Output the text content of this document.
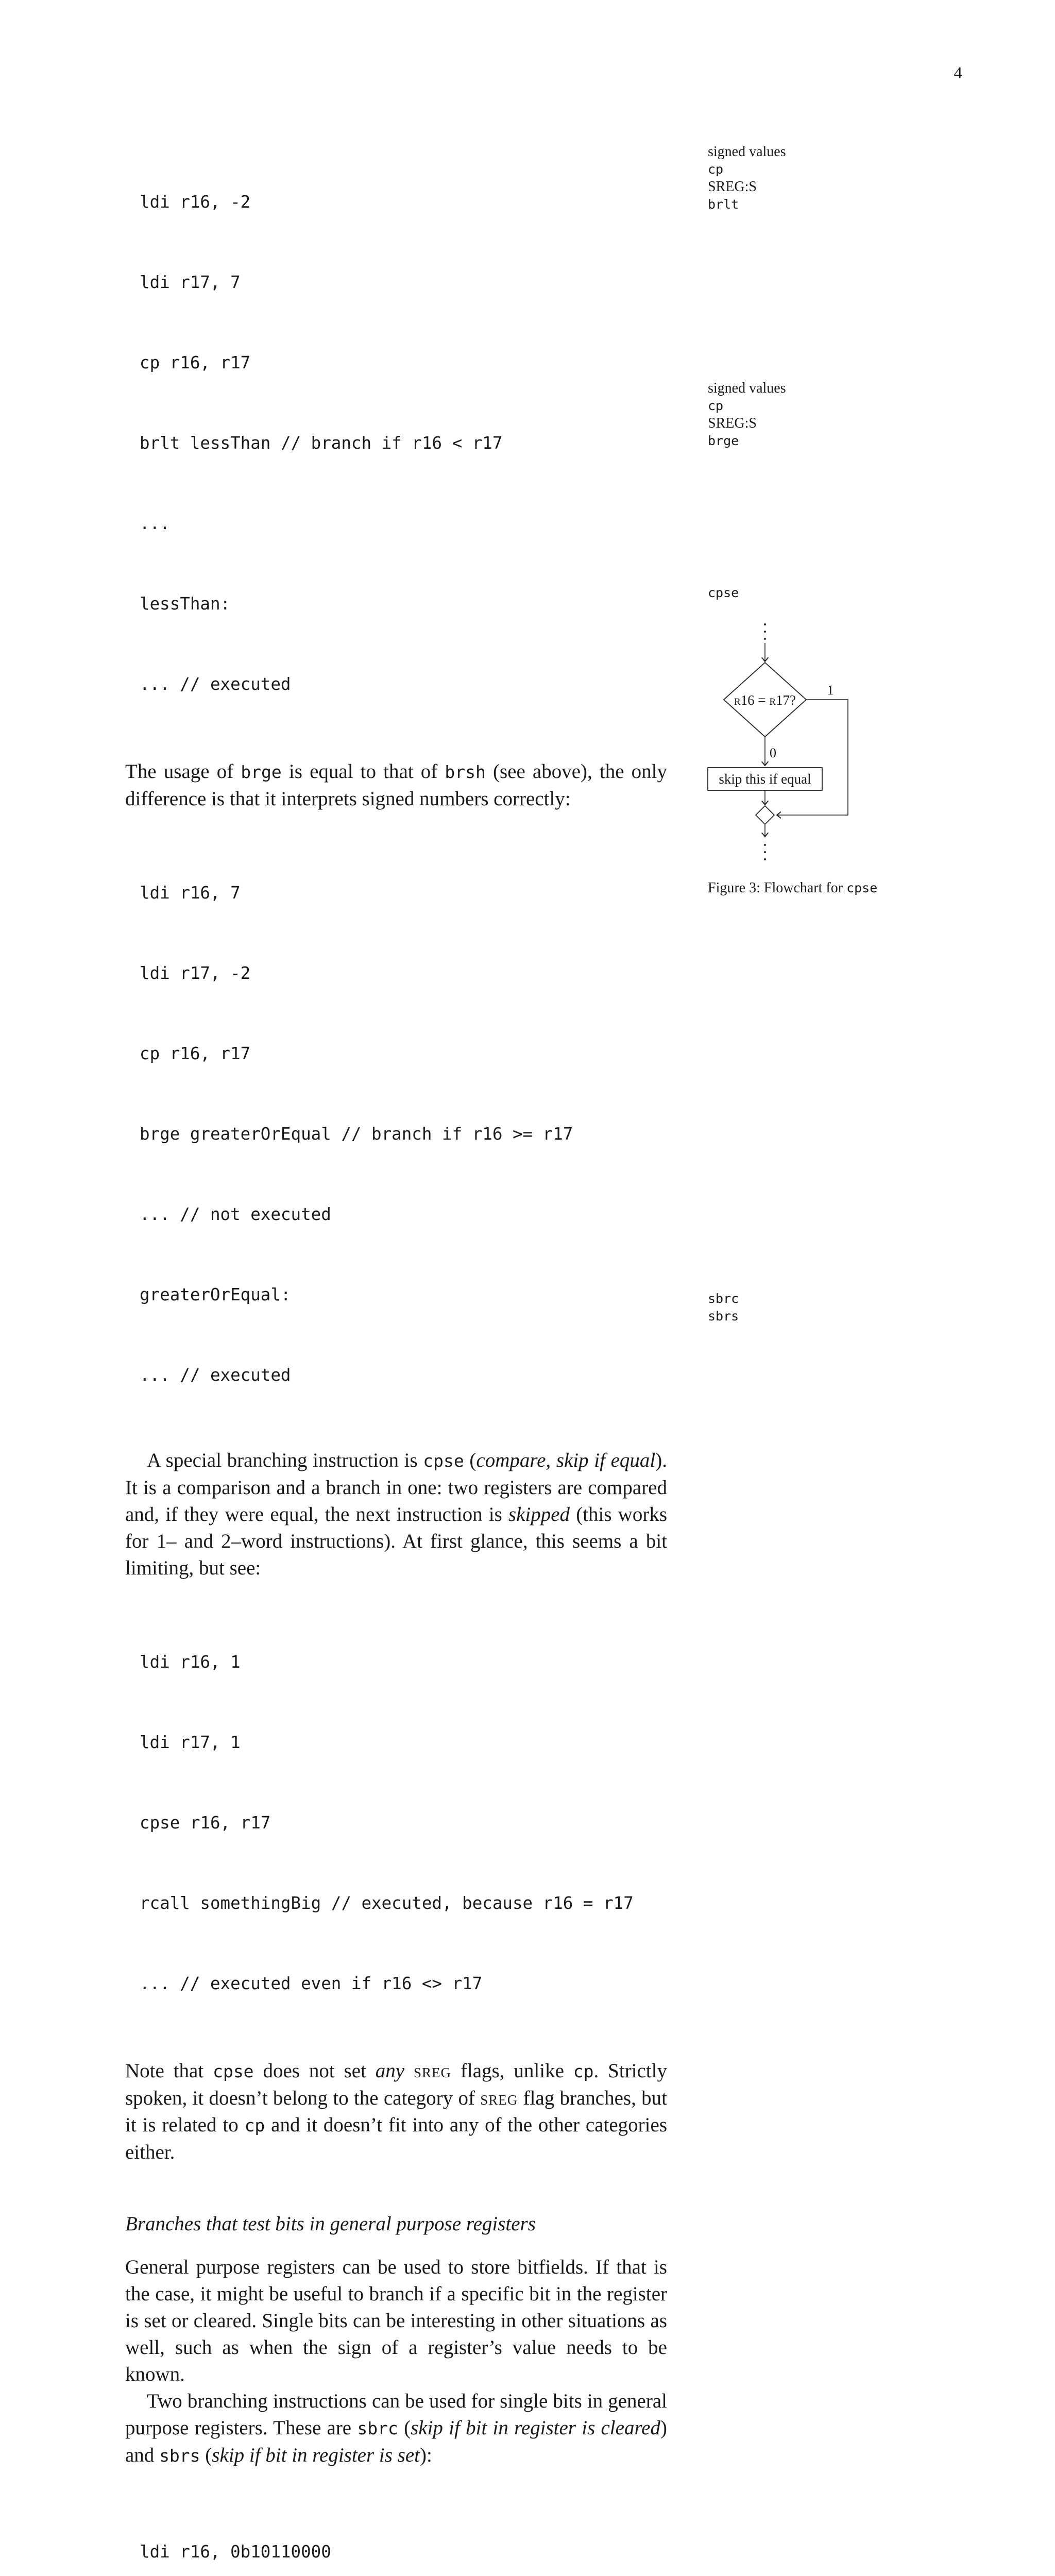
4

ldi r16, -2

ldi r17, 7

cp r16, r17

brlt lessThan // branch if r16 < r17

...

lessThan:

... // executed

The usage of brge is equal to that of brsh (see above), the only difference is that it interprets signed numbers correctly:

ldi r16, 7

ldi r17, -2

cp r16, r17

brge greaterOrEqual // branch if r16 >= r17

... // not executed

greaterOrEqual:

... // executed

A special branching instruction is cpse (compare, skip if equal). It is a comparison and a branch in one: two registers are compared and, if they were equal, the next instruction is skipped (this works for 1– and 2–word instructions). At first glance, this seems a bit limiting, but see:

ldi r16, 1

ldi r17, 1

cpse r16, r17

rcall somethingBig // executed, because r16 = r17

... // executed even if r16 <> r17

Note that cpse does not set any sreg flags, unlike cp. Strictly spoken, it doesn’t belong to the category of sreg flag branches, but it is related to cp and it doesn’t fit into any of the other categories either.

Branches that test bits in general purpose registers

General purpose registers can be used to store bitfields. If that is the case, it might be useful to branch if a specific bit in the register is set or cleared. Single bits can be interesting in other situations as well, such as when the sign of a register’s value needs to be known.

Two branching instructions can be used for single bits in general purpose registers. These are sbrc (skip if bit in register is cleared) and sbrs (skip if bit in register is set):

ldi r16, 0b10110000

signed values
cp
SREG:S
brlt
signed values
cp
SREG:S
brge
cpse
sbrc
sbrs
r16 = r17?
1
0
skip this if equal
Figure 3: Flowchart for cpse
